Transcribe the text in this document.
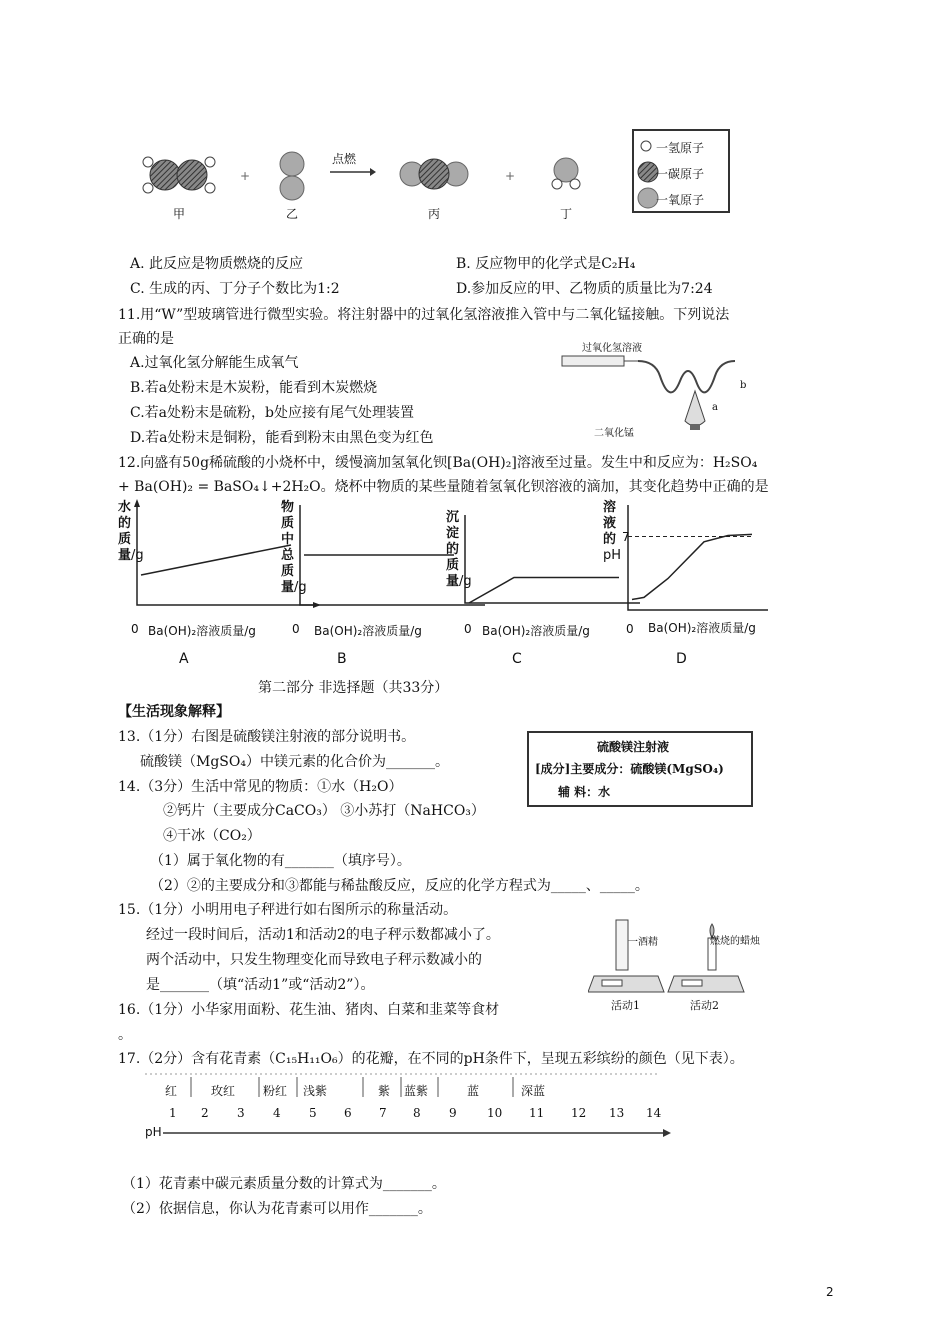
+	+
点燃
甲	乙	丙	丁
一氢原子
一碳原子
一氧原子
A. 此反应是物质燃烧的反应	B. 反应物甲的化学式是C₂H₄
C. 生成的丙、丁分子个数比为1:2	D.参加反应的甲、乙物质的质量比为7:24
11.用“W”型玻璃管进行微型实验。将注射器中的过氧化氢溶液推入管中与二氧化锰接触。下列说法
正确的是
A.过氧化氢分解能生成氧气
B.若a处粉末是木炭粉，能看到木炭燃烧
C.若a处粉末是硫粉，b处应接有尾气处理装置
D.若a处粉末是铜粉，能看到粉末由黑色变为红色
过氧化氢溶液
二氧化锰
a
b
12.向盛有50g稀硫酸的小烧杯中，缓慢滴加氢氧化钡[Ba(OH)₂]溶液至过量。发生中和反应为：H₂SO₄
+ Ba(OH)₂ = BaSO₄↓+2H₂O。烧杯中物质的某些量随着氢氧化钡溶液的滴加，其变化趋势中正确的是
水的质量/g
物质中总质量/g
沉淀的质量/g
溶液的pH
7
0 Ba(OH)₂溶液质量/g	0 Ba(OH)₂溶液质量/g	0 Ba(OH)₂溶液质量/g	0 Ba(OH)₂溶液质量/g
A	B	C	D
第二部分 非选择题（共33分）
【生活现象解释】
13.（1分）右图是硫酸镁注射液的部分说明书。
硫酸镁（MgSO₄）中镁元素的化合价为_______。
硫酸镁注射液
[成分]主要成分：硫酸镁(MgSO₄)
辅 料：水
14.（3分）生活中常见的物质：①水（H₂O）
②钙片（主要成分CaCO₃） ③小苏打（NaHCO₃）
④干冰（CO₂）
（1）属于氧化物的有_______（填序号）。
（2）②的主要成分和③都能与稀盐酸反应，反应的化学方程式为_____、_____。
15.（1分）小明用电子秤进行如右图所示的称量活动。
经过一段时间后，活动1和活动2的电子秤示数都减小了。
两个活动中，只发生物理变化而导致电子秤示数减小的
是_______（填“活动1”或“活动2”）。
一酒精	燃烧的蜡烛
活动1	活动2
16.（1分）小华家用面粉、花生油、猪肉、白菜和韭菜等食材
。
17.（2分）含有花青素（C₁₅H₁₁O₆）的花瓣，在不同的pH条件下，呈现五彩缤纷的颜色（见下表）。
红	玫红 粉红 浅紫	紫 蓝紫	蓝	深蓝
1 2 3 4 5 6 7 8 9	10 11 12 13 14
pH
（1）花青素中碳元素质量分数的计算式为_______。
（2）依据信息，你认为花青素可以用作_______。
2
